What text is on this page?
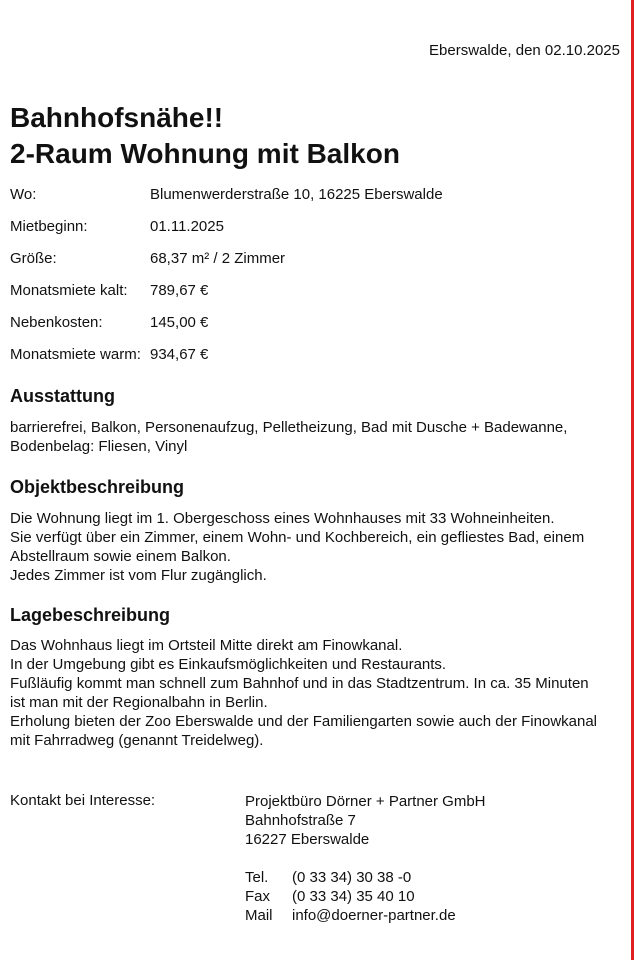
Eberswalde, den 02.10.2025
Bahnhofsnähe!!
2-Raum Wohnung mit Balkon
Wo:	Blumenwerderstraße 10, 16225 Eberswalde
Mietbeginn:	01.11.2025
Größe:	68,37 m² / 2 Zimmer
Monatsmiete kalt:	789,67 €
Nebenkosten:	145,00 €
Monatsmiete warm: 934,67 €
Ausstattung
barrierefrei, Balkon, Personenaufzug, Pelletheizung, Bad mit Dusche + Badewanne,
Bodenbelag: Fliesen, Vinyl
Objektbeschreibung
Die Wohnung liegt im 1. Obergeschoss eines Wohnhauses mit 33 Wohneinheiten.
Sie verfügt über ein Zimmer, einem Wohn- und Kochbereich, ein gefliestes Bad, einem
Abstellraum sowie einem Balkon.
Jedes Zimmer ist vom Flur zugänglich.
Lagebeschreibung
Das Wohnhaus liegt im Ortsteil Mitte direkt am Finowkanal.
In der Umgebung gibt es Einkaufsmöglichkeiten und Restaurants.
Fußläufig kommt man schnell zum Bahnhof und in das Stadtzentrum. In ca. 35 Minuten
ist man mit der Regionalbahn in Berlin.
Erholung bieten der Zoo Eberswalde und der Familiengarten sowie auch der Finowkanal
mit Fahrradweg (genannt Treidelweg).
Kontakt bei Interesse:	Projektbüro Dörner + Partner GmbH
Bahnhofstraße 7
16227 Eberswalde
Tel.	(0 33 34) 30 38 -0
Fax	(0 33 34) 35 40 10
Mail	info@doerner-partner.de
